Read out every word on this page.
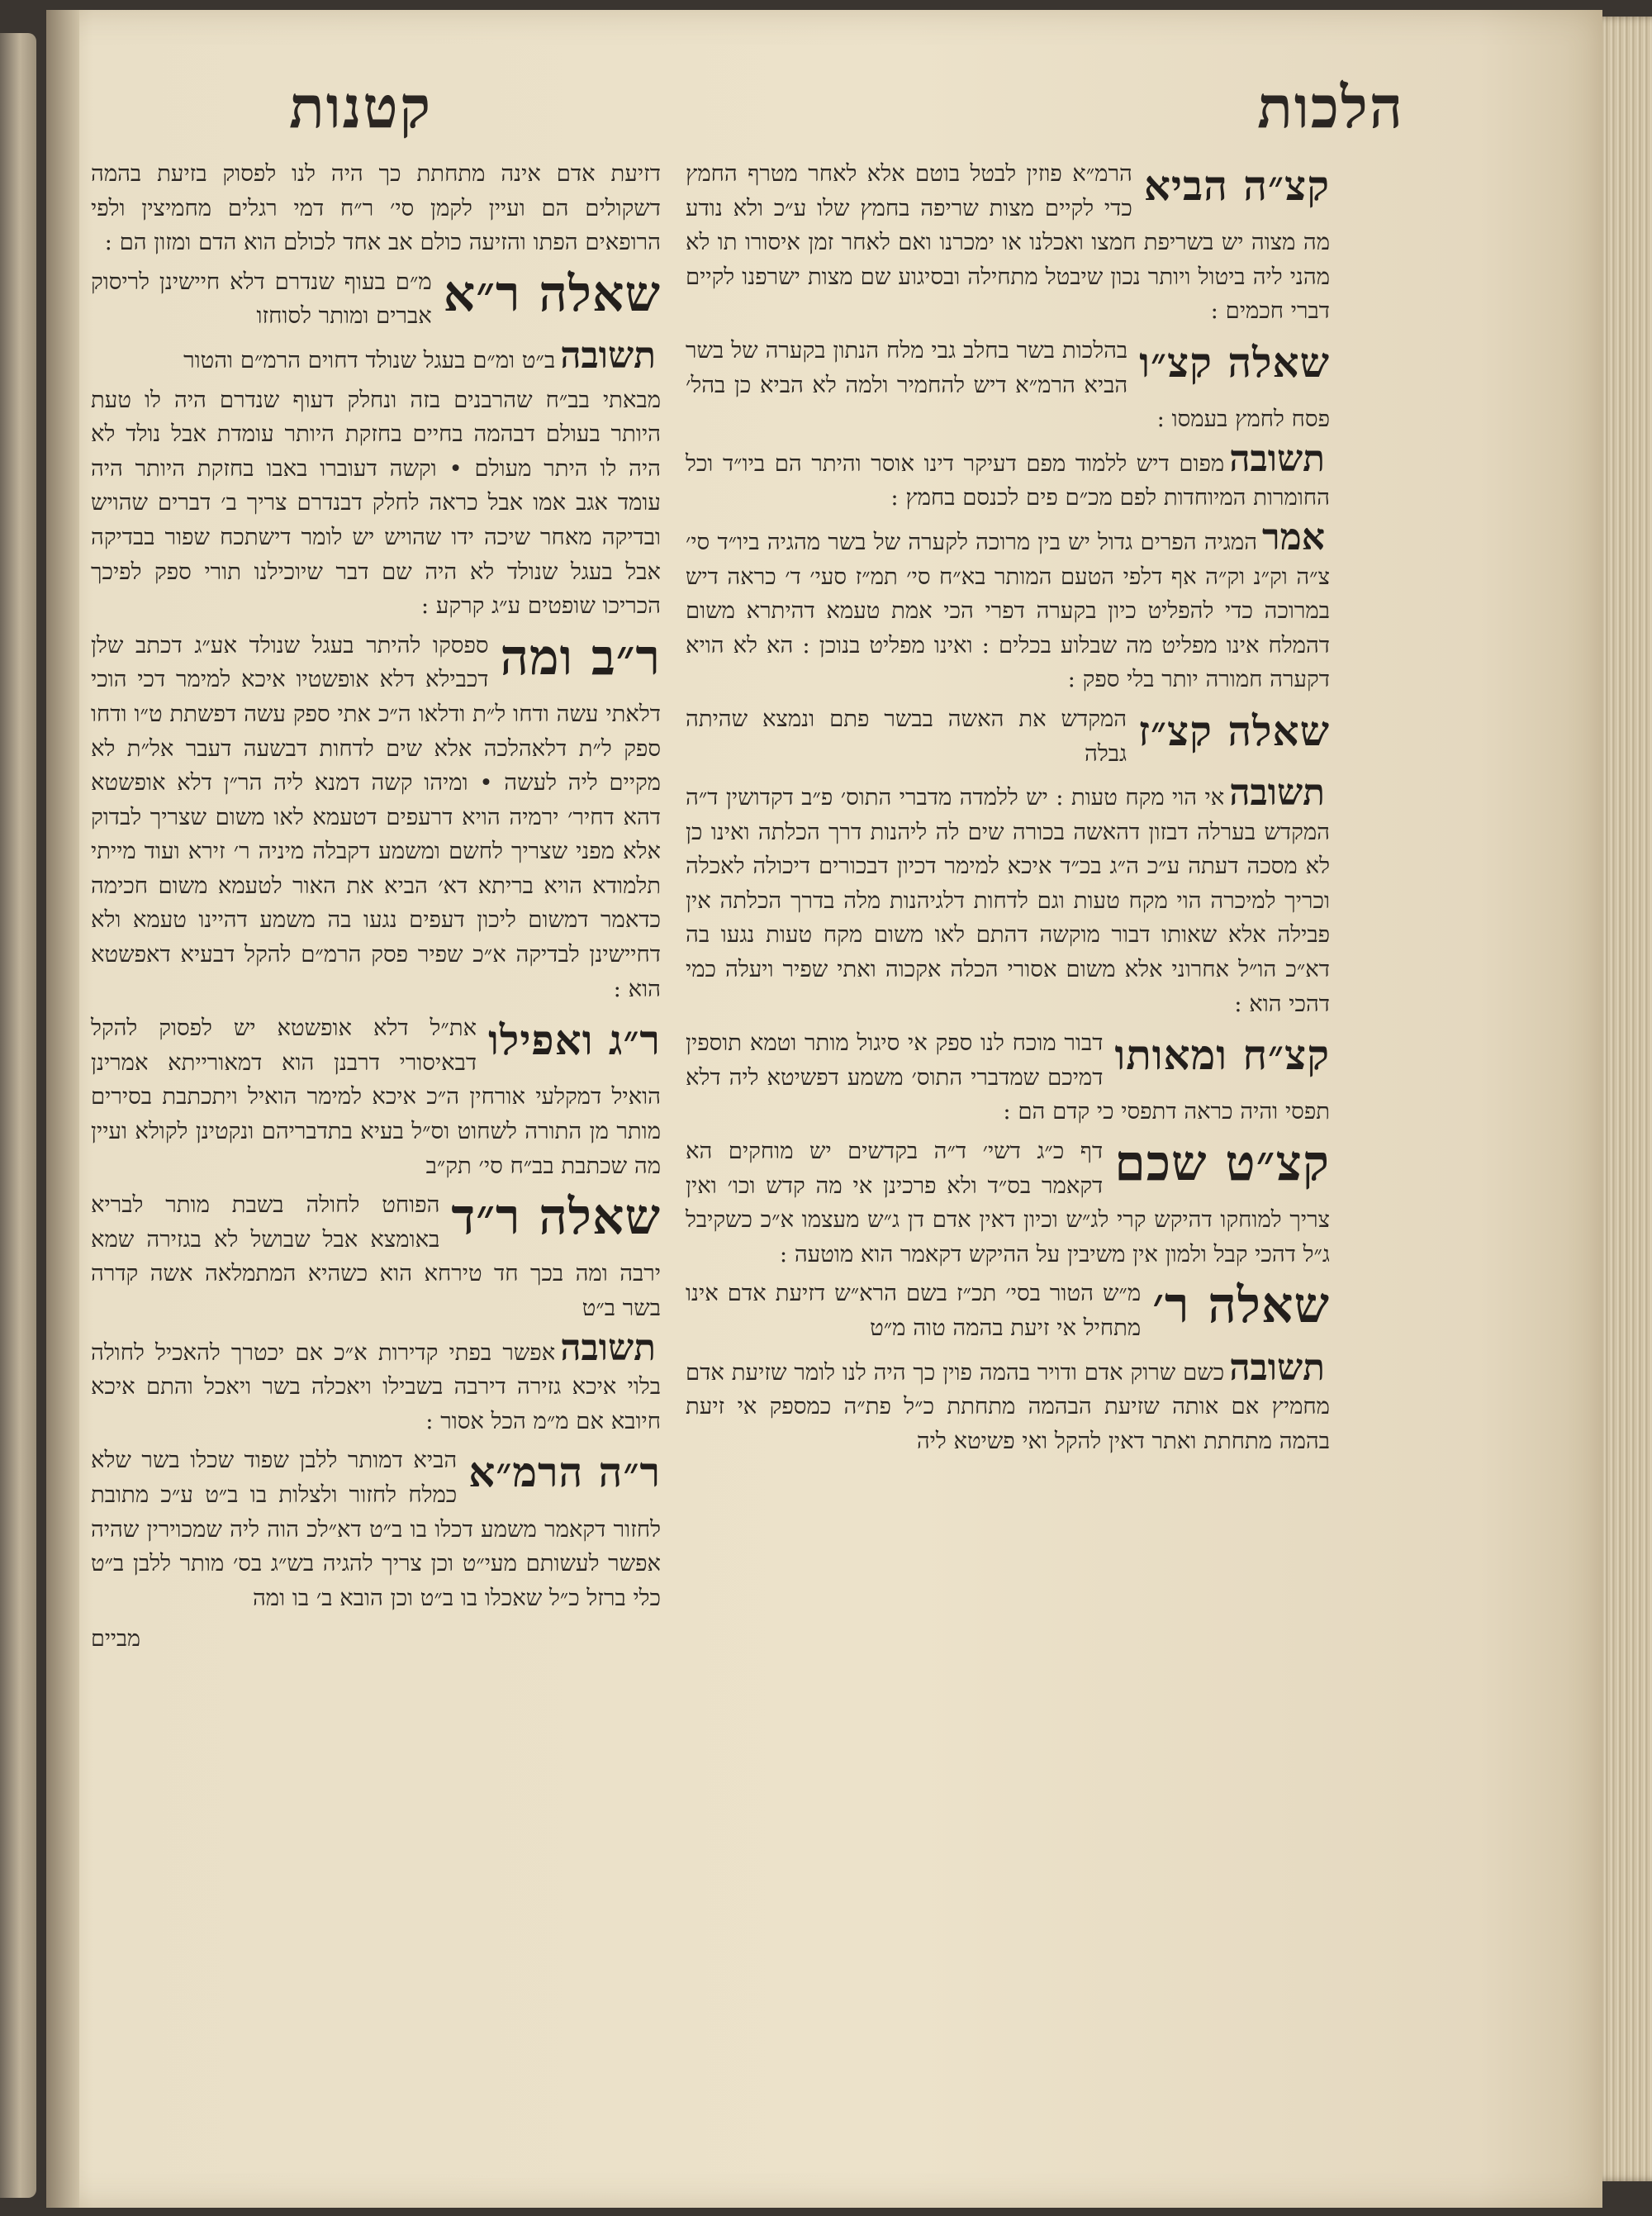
הלכות
קטנות
קצ״ה הביא
הרמ״א פוזין לבטל בוטם אלא לאחר מטרף החמץ כדי לקיים מצות שריפה בחמץ שלו ע״כ ולא נודע מה מצוה יש בשריפת חמצו ואכלנו או ימכרנו ואם לאחר זמן איסורו תו לא מהני ליה ביטול ויותר נכון שיבטל מתחילה ובסיגוע שם מצות ישרפנו לקיים דברי חכמים :
שאלה קצ״ו
בהלכות בשר בחלב גבי מלח הנתון בקערה של בשר הביא הרמ״א דיש להחמיר ולמה לא הביא כן בהל׳ פסח לחמץ בעמסו :
תשובהמפום דיש ללמוד מפם דעיקר דינו אוסר והיתר הם ביו״ד וכל החומרות המיוחדות לפם מכ״ם פים לכנסם בחמץ :
אמרהמגיה הפרים גדול יש בין מרוכה לקערה של בשר מהגיה ביו״ד סי׳ צ״ה וק״נ וק״ה אף דלפי הטעם המותר בא״ח סי׳ תמ״ז סעי׳ ד׳ כראה דיש במרוכה כדי להפליט כיון בקערה דפרי הכי אמת טעמא דהיתרא משום דהמלח אינו מפליט מה שבלוע בכלים : ואינו מפליט בנוכן : הא לא הויא דקערה חמורה יותר בלי ספק :
שאלה קצ״ז
המקדש את האשה בבשר פתם ונמצא שהיתה גבלה
תשובהאי הוי מקח טעות : יש ללמדה מדברי התוס׳ פ״ב דקדושין ד״ה המקדש בערלה דבזון דהאשה בכורה שים לה ליהנות דרך הכלתה ואינו כן לא מסכה דעתה ע״כ ה״ג בכ״ד איכא למימר דכיון דבכורים דיכולה לאכלה וכריך למיכרה הוי מקח טעות וגם לדחות דלגיהנות מלה בדרך הכלתה אין פבילה אלא שאותו דבור מוקשה דהתם לאו משום מקח טעות נגעו בה דא״כ הו״ל אחרוני אלא משום אסורי הכלה אקכוה ואתי שפיר ויעלה כמי דהכי הוא :
קצ״ח ומאותו
דבור מוכח לנו ספק אי סיגול מותר וטמא תוספין דמיכם שמדברי התוס׳ משמע דפשיטא ליה דלא תפסי והיה כראה דתפסי כי קדם הם :
קצ״ט שכם
דף כ״ג דשי׳ ד״ה בקדשים יש מוחקים הא דקאמר בס״ד ולא פרכינן אי מה קדש וכו׳ ואין צריך למוחקו דהיקש קרי לג״ש וכיון דאין אדם דן ג״ש מעצמו א״כ כשקיבל ג״ל דהכי קבל ולמון אין משיבין על ההיקש דקאמר הוא מוטעה :
שאלה ר׳
מ״ש הטור בסי׳ תכ״ז בשם הרא״ש דזיעת אדם אינו מתחיל אי זיעת בהמה טוה מ״ט
תשובהכשם שרוק אדם ודויר בהמה פוין כך היה לנו לומר שזיעת אדם מחמיץ אם אותה שזיעת הבהמה מתחתת כ״ל פת״ה כמספק אי זיעת בהמה מתחתת ואתר דאין להקל ואי פשיטא ליה
דזיעת אדם אינה מתחתת כך היה לנו לפסוק בזיעת בהמה דשקולים הם ועיין לקמן סי׳ ר״ח דמי רגלים מחמיצין ולפי הרופאים הפתו והזיעה כולם אב אחד לכולם הוא הדם ומזון הם :
שאלה ר״א
מ״ם בעוף שנדרם דלא חיישינן לריסוק אברים ומותר לסוחזו
תשובהב״ט ומ״ם בעגל שנולד דחוים הרמ״ם והטור
מבאתי בב״ח שהרבנים בזה ונחלק דעוף שנדרם היה לו טעת היותר בעולם דבהמה בחיים בחזקת היותר עומדת אבל נולד לא היה לו היתר מעולם • וקשה דעוברו באבו בחזקת היותר היה עומד אגב אמו אבל כראה לחלק דבנדרם צריך ב׳ דברים שהויש ובדיקה מאחר שיכה ידו שהויש יש לומר דישתכח שפור בבדיקה אבל בעגל שנולד לא היה שם דבר שיוכילנו תורי ספק לפיכך הכריכו שופטים ע״ג קרקע :
ר״ב ומה
ספסקו להיתר בעגל שנולד אע״ג דכתב שלן דכבילא דלא אופשטיו איכא למימר דכי הוכי דלאתי עשה ודחו ל״ת ודלאו ה״כ אתי ספק עשה דפשתת ט״ו ודחו ספק ל״ת דלאהלכה אלא שים לדחות דבשעה דעבר אל״ת לא מקיים ליה לעשה • ומיהו קשה דמנא ליה הר״ן דלא אופשטא דהא דחיר׳ ירמיה הויא דרעפים דטעמא לאו משום שצריך לבדוק אלא מפני שצריך לחשם ומשמע דקבלה מיניה ר׳ זירא ועוד מייתי תלמודא הויא בריתא דא׳ הביא את האור לטעמא משום חכימה כדאמר דמשום ליכון דעפים נגעו בה משמע דהיינו טעמא ולא דחיישינן לבדיקה א״כ שפיר פסק הרמ״ם להקל דבעיא דאפשטא הוא :
ר״ג ואפילו
את״ל דלא אופשטא יש לפסוק להקל דבאיסורי דרבנן הוא דמאורייתא אמרינן הואיל דמקלעי אורחין ה״כ איכא למימר הואיל ויתכתבת בסירים מותר מן התורה לשחוט וס״ל בעיא בתדבריהם ונקטינן לקולא ועיין מה שכתבת בב״ח סי׳ תק״ב
שאלה ר״ד
הפוחט לחולה בשבת מותר לבריא באומצא אבל שבושל לא בגזירה שמא ירבה ומה בכך חד טירחא הוא כשהיא המתמלאה אשה קדרה בשר ב״ט
תשובהאפשר בפתי קדירות א״כ אם יכטרך להאכיל לחולה בלוי איכא גזירה דירבה בשבילו ויאכלה בשר ויאכל והתם איכא חיובא אם מ״מ הכל אסור :
ר״ה הרמ״א
הביא דמותר ללבן שפוד שכלו בשר שלא כמלח לחזור ולצלות בו ב״ט ע״כ מתובת לחזור דקאמר משמע דכלו בו ב״ט דא״לכ הוה ליה שמכוירין שהיה אפשר לעשותם מעי״ט וכן צריך להגיה בש״ג בס׳ מותר ללבן ב״ט כלי ברזל כ״ל שאכלו בו ב״ט וכן הובא ב׳ בו ומה
מביים
